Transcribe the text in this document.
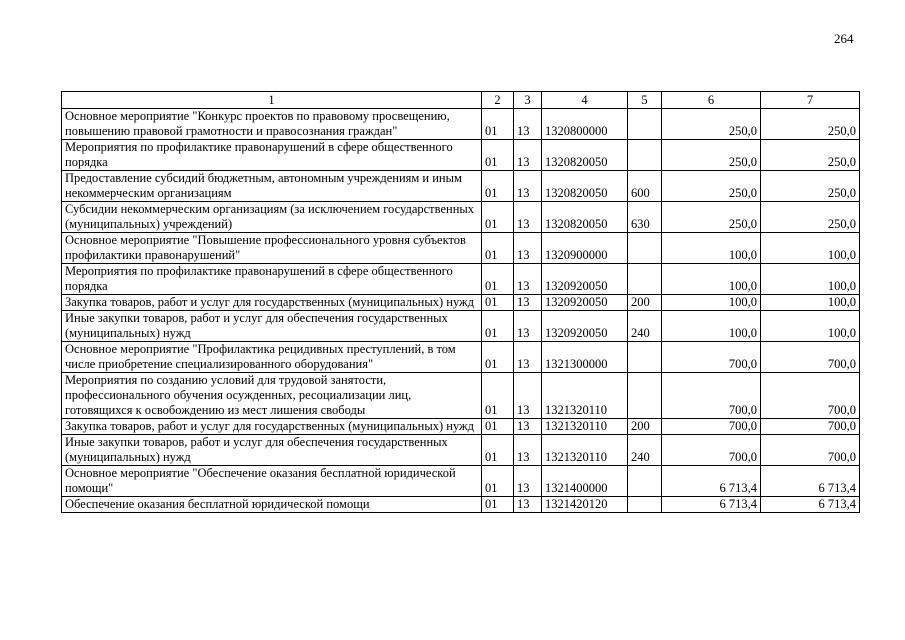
264
1	2	3	4	5	6	7
Основное мероприятие "Конкурс проектов по правовому просвещению, повышению правовой грамотности и правосознания граждан"	01	13	1320800000		250,0	250,0
Мероприятия по профилактике правонарушений в сфере общественного порядка	01	13	1320820050		250,0	250,0
Предоставление субсидий бюджетным, автономным учреждениям и иным некоммерческим организациям	01	13	1320820050	600	250,0	250,0
Субсидии некоммерческим организациям (за исключением государственных (муниципальных) учреждений)	01	13	1320820050	630	250,0	250,0
Основное мероприятие "Повышение профессионального уровня субъектов профилактики правонарушений"	01	13	1320900000		100,0	100,0
Мероприятия по профилактике правонарушений в сфере общественного порядка	01	13	1320920050		100,0	100,0
Закупка товаров, работ и услуг для государственных (муниципальных) нужд	01	13	1320920050	200	100,0	100,0
Иные закупки товаров, работ и услуг для обеспечения государственных (муниципальных) нужд	01	13	1320920050	240	100,0	100,0
Основное мероприятие "Профилактика рецидивных преступлений, в том числе приобретение специализированного оборудования"	01	13	1321300000		700,0	700,0
Мероприятия по созданию условий для трудовой занятости, профессионального обучения осужденных, ресоциализации лиц, готовящихся к освобождению из мест лишения свободы	01	13	1321320110		700,0	700,0
Закупка товаров, работ и услуг для государственных (муниципальных) нужд	01	13	1321320110	200	700,0	700,0
Иные закупки товаров, работ и услуг для обеспечения государственных (муниципальных) нужд	01	13	1321320110	240	700,0	700,0
Основное мероприятие "Обеспечение оказания бесплатной юридической помощи"	01	13	1321400000		6 713,4	6 713,4
Обеспечение оказания бесплатной юридической помощи	01	13	1321420120		6 713,4	6 713,4
